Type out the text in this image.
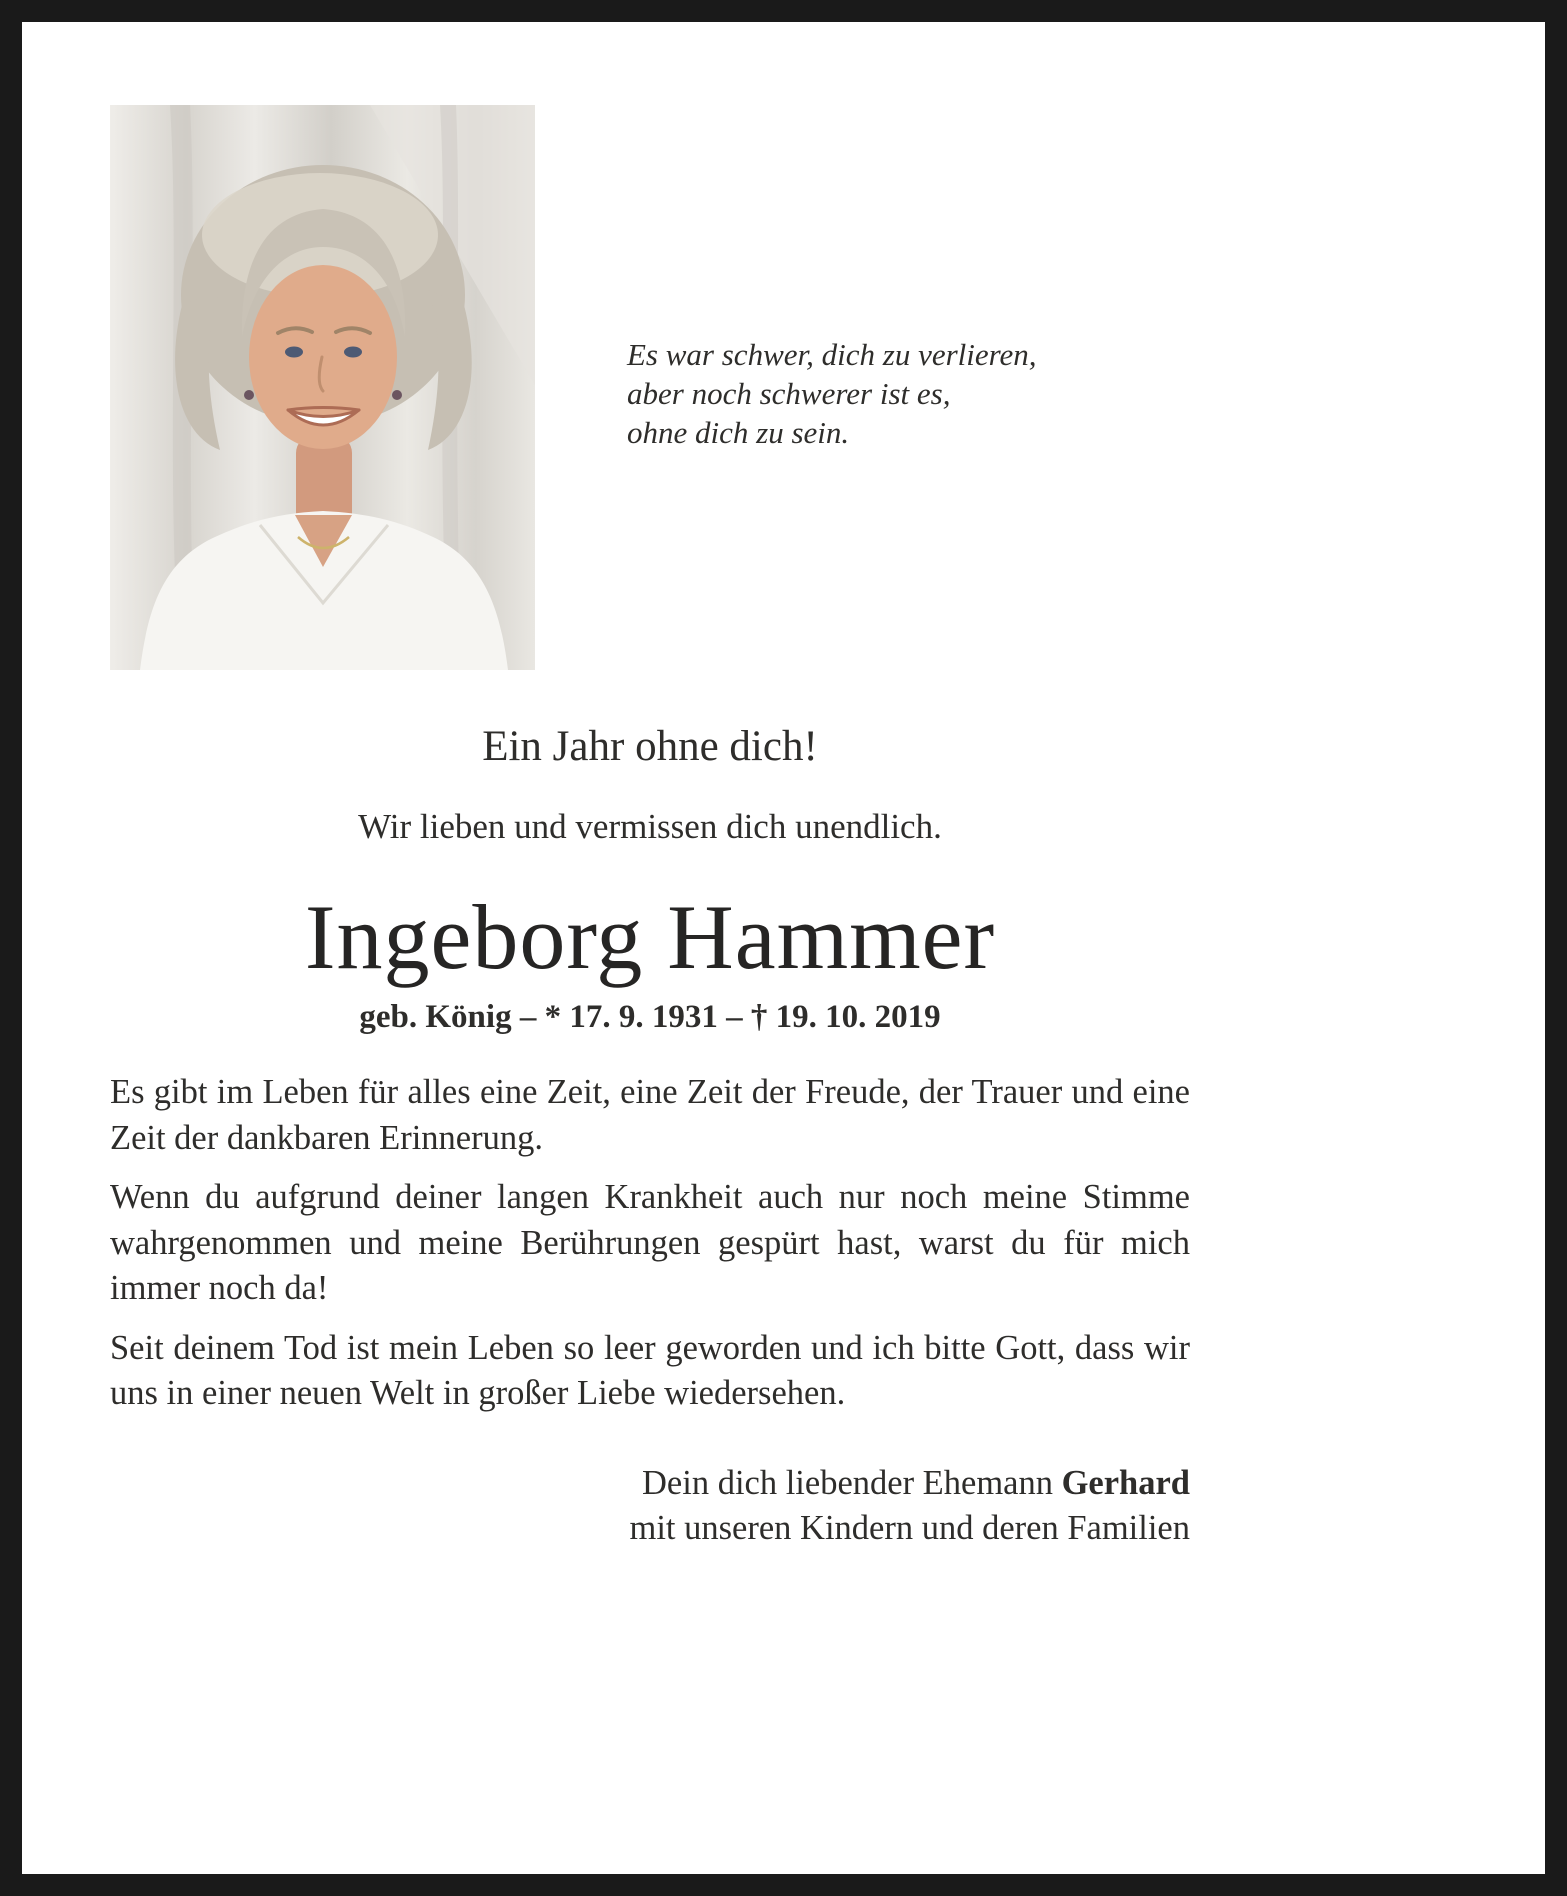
Es war schwer, dich zu verlieren,
aber noch schwerer ist es,
ohne dich zu sein.
Ein Jahr ohne dich!
Wir lieben und vermissen dich unendlich.
Ingeborg Hammer
geb. König – * 17. 9. 1931 – † 19. 10. 2019

Es gibt im Leben für alles eine Zeit, eine Zeit der Freude, der Trauer und eine Zeit der dankbaren Erinnerung.

Wenn du aufgrund deiner langen Krankheit auch nur noch meine Stimme wahrgenommen und meine Berührungen gespürt hast, warst du für mich immer noch da!

Seit deinem Tod ist mein Leben so leer geworden und ich bitte Gott, dass wir uns in einer neuen Welt in großer Liebe wiedersehen.

Dein dich liebender Ehemann Gerhard
mit unseren Kindern und deren Familien
